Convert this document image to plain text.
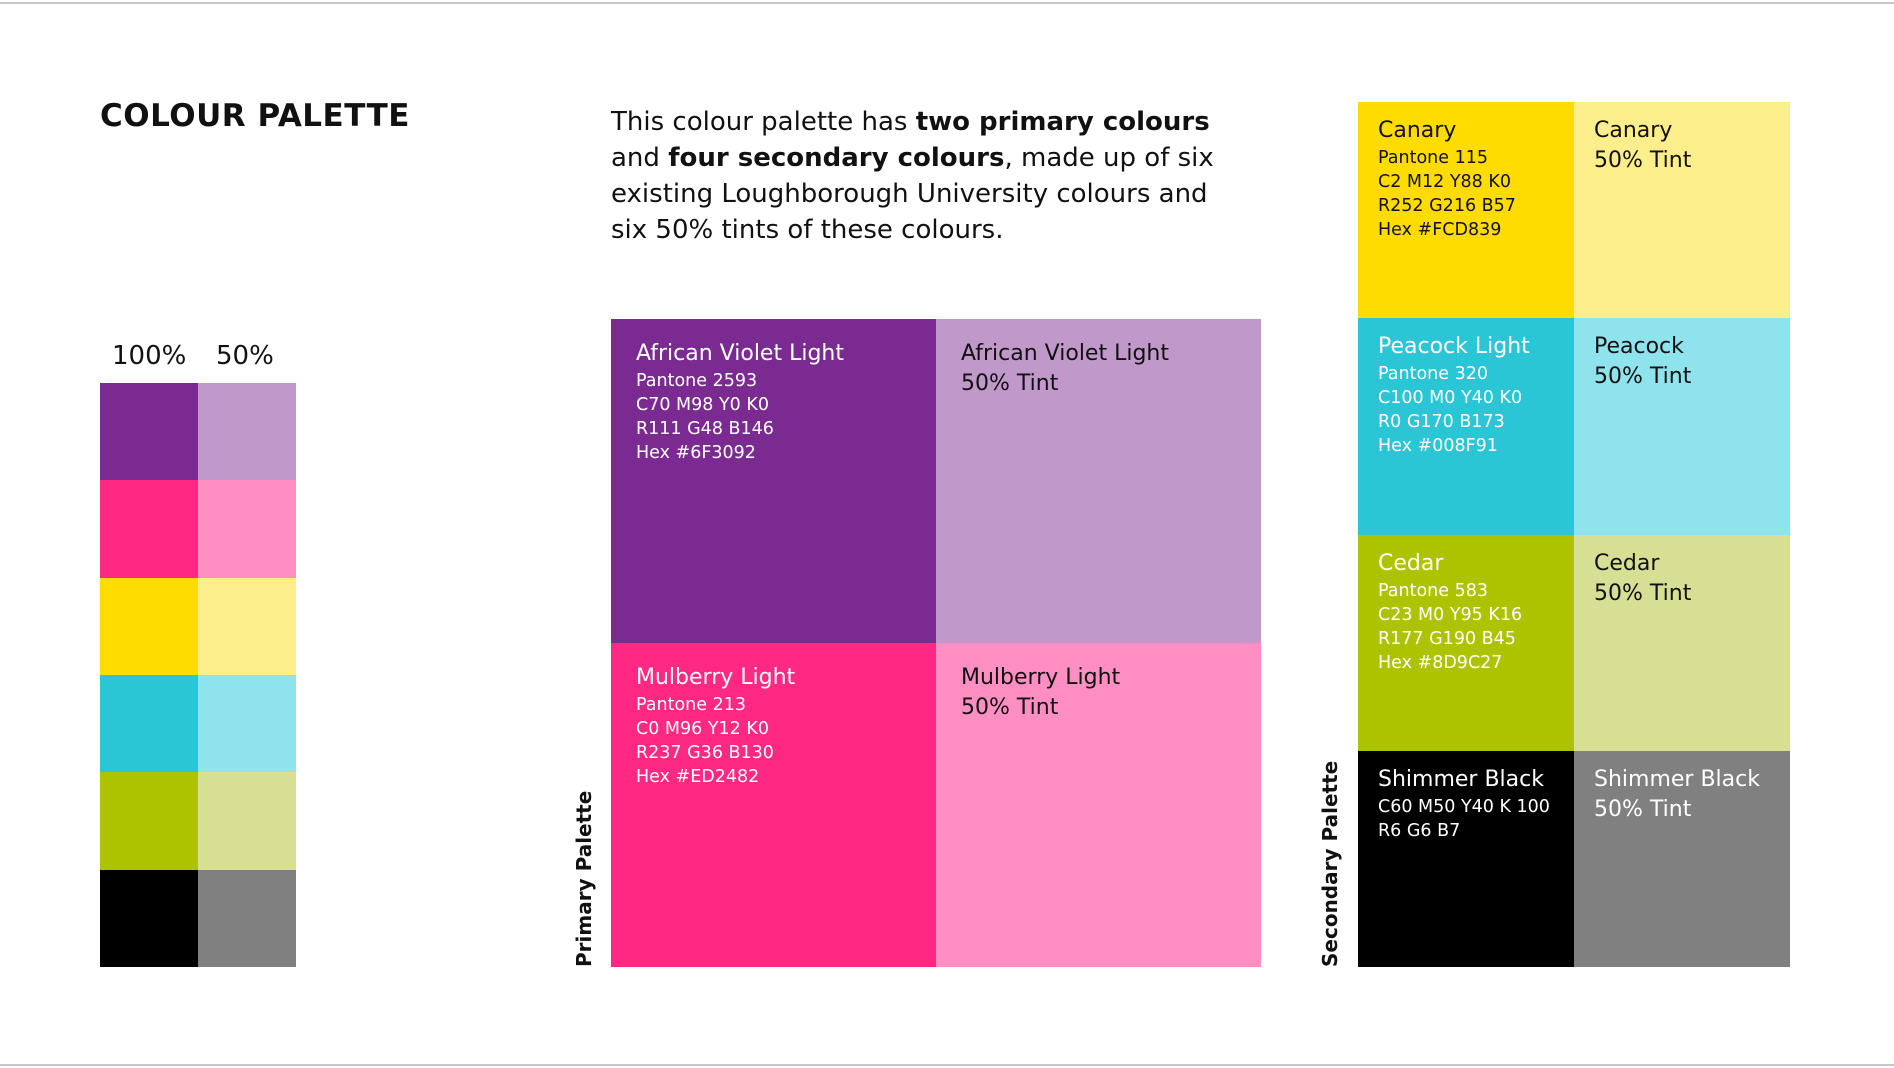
COLOUR PALETTE	This colour palette has two primary colours and four secondary colours, made up of six existing Loughborough University colours and six 50% tints of these colours.

100% 50%
Primary Palette
African Violet Light
Pantone 2593
C70 M98 Y0 K0
R111 G48 B146
Hex #6F3092
African Violet Light
50% Tint
Mulberry Light
Pantone 213
C0 M96 Y12 K0
R237 G36 B130
Hex #ED2482
Mulberry Light
50% Tint
Secondary Palette
Canary
Pantone 115
C2 M12 Y88 K0
R252 G216 B57
Hex #FCD839
Canary
50% Tint
Peacock Light
Pantone 320
C100 M0 Y40 K0
R0 G170 B173
Hex #008F91
Peacock
50% Tint
Cedar
Pantone 583
C23 M0 Y95 K16
R177 G190 B45
Hex #8D9C27
Cedar
50% Tint
Shimmer Black
C60 M50 Y40 K 100
R6 G6 B7
Shimmer Black
50% Tint
